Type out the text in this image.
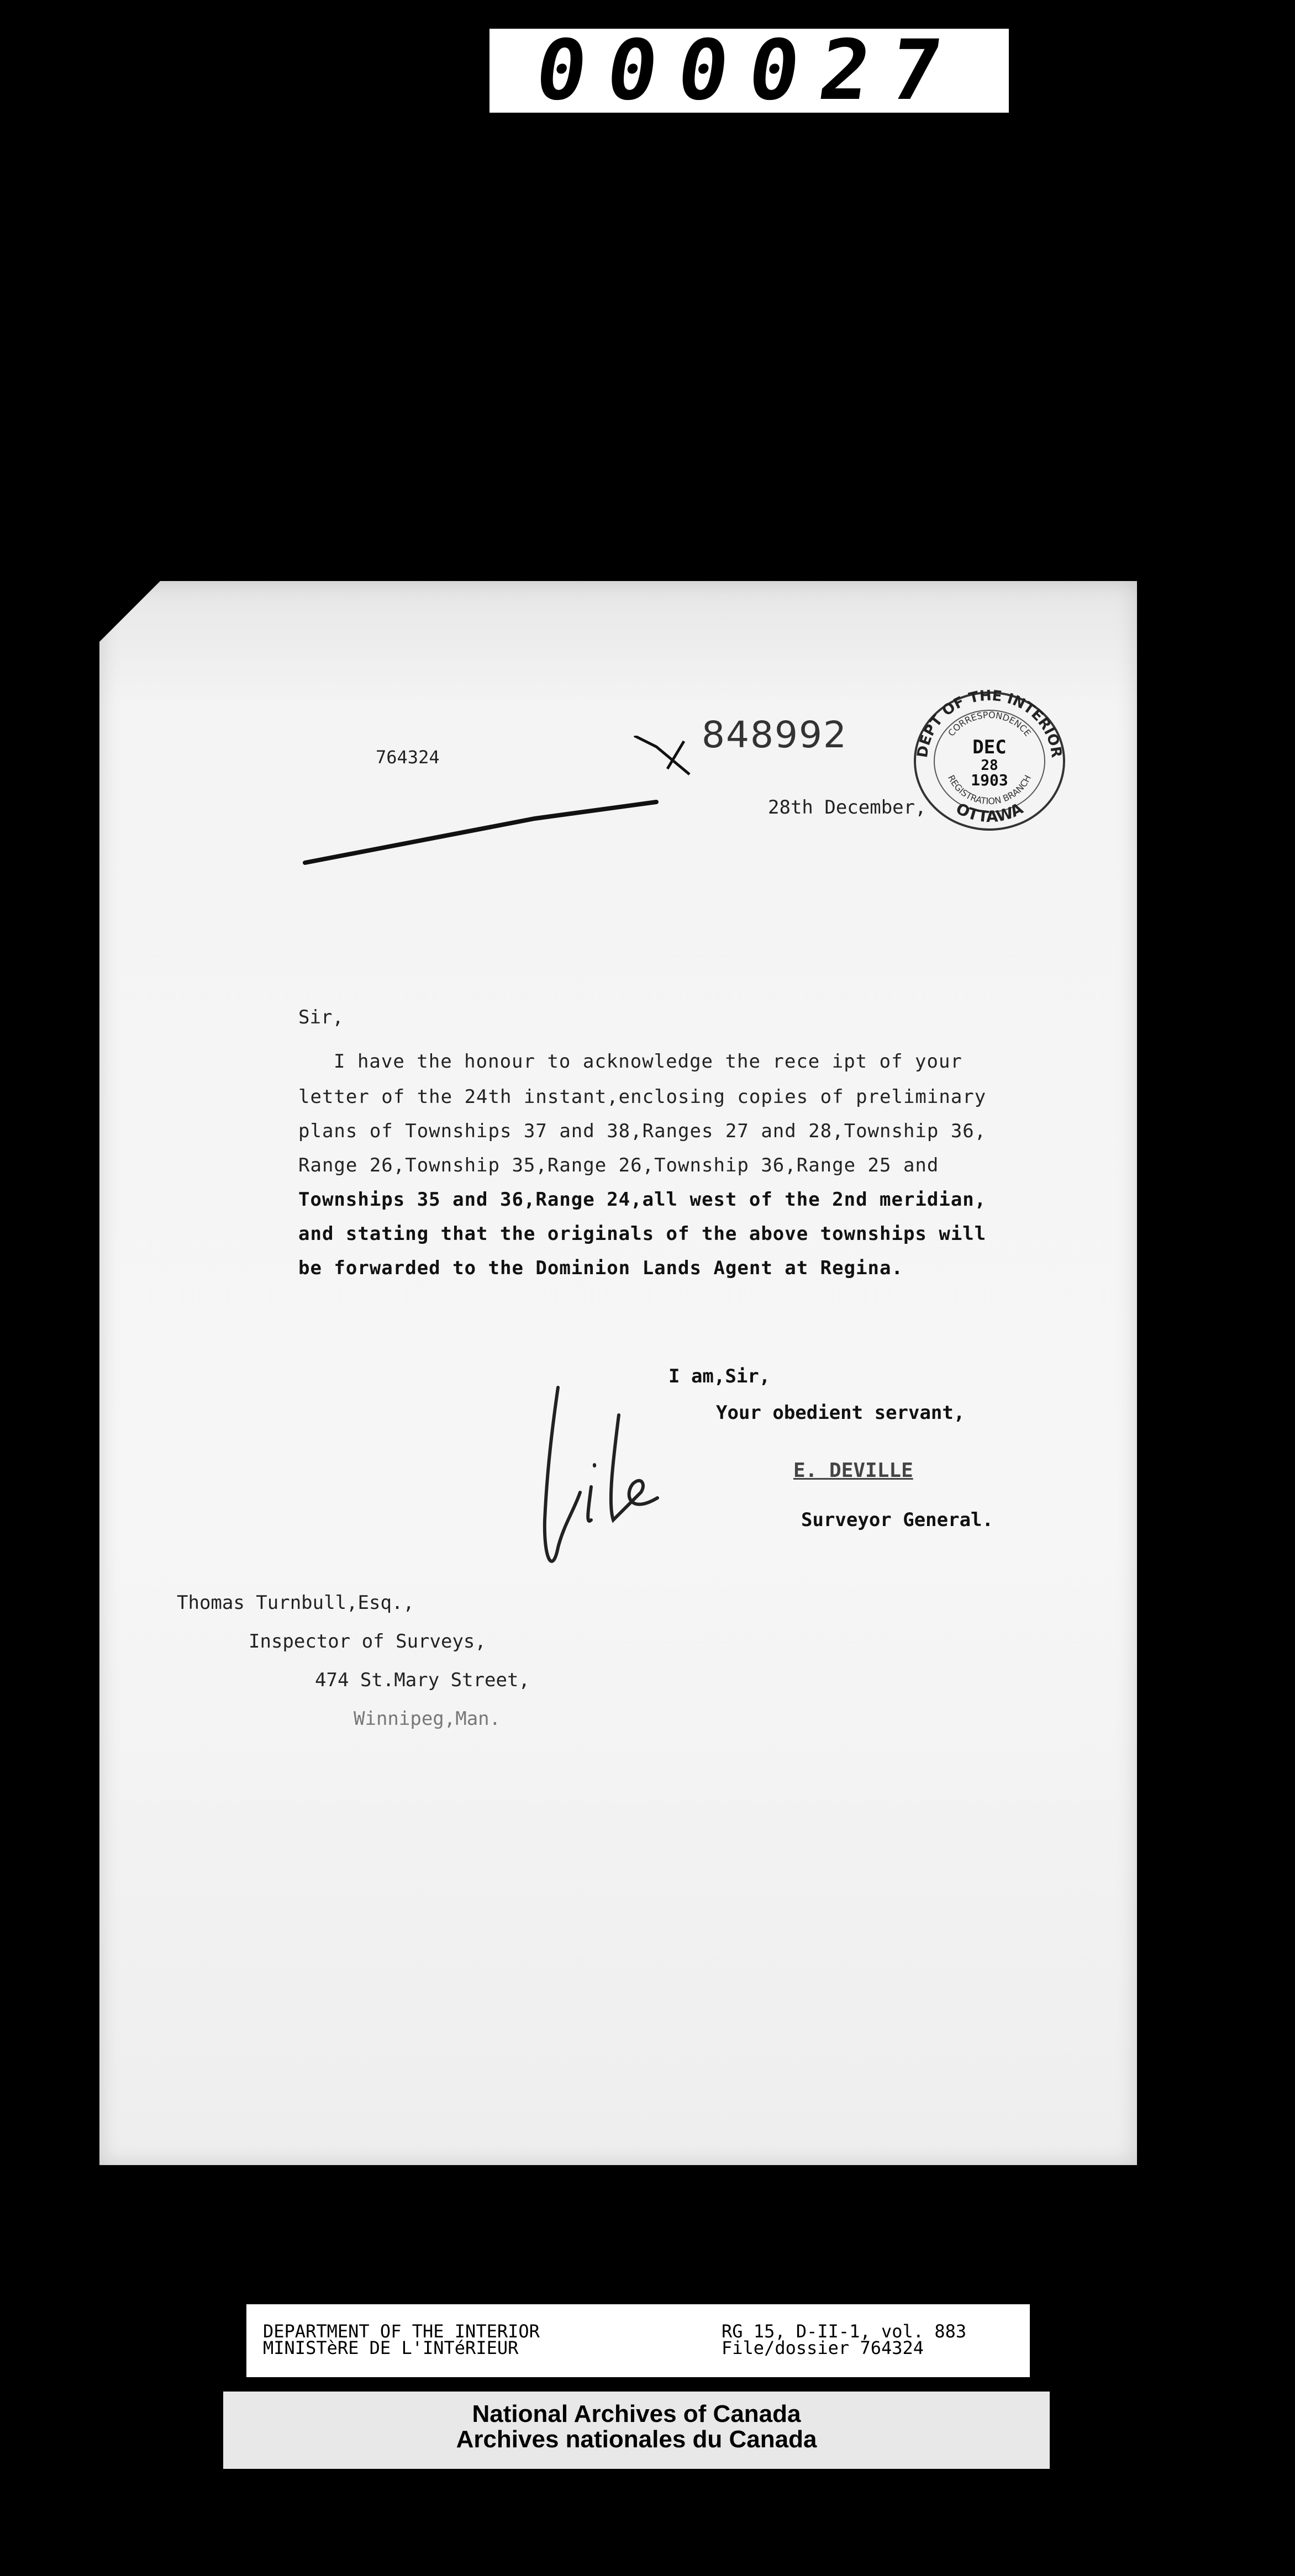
000027
764324
848992	DEPT OF THE INTERIOR
CORRESPONDENCE
REGISTRATION BRANCH
OTTAWA
DEC
28
1903
28th December,
Sir,
I have the honour to acknowledge the rece ipt of your
letter of the 24th instant,enclosing copies of preliminary
plans of Townships 37 and 38,Ranges 27 and 28,Township 36,
Range 26,Township 35,Range 26,Township 36,Range 25 and
Townships 35 and 36,Range 24,all west of the 2nd meridian,
and stating that the originals of the above townships will
be forwarded to the Dominion Lands Agent at Regina.
I am,Sir,
Your obedient servant,
E. DEVILLE
Surveyor General.
Thomas Turnbull,Esq.,
Inspector of Surveys,
474 St.Mary Street,
Winnipeg,Man.
DEPARTMENT OF THE INTERIOR
MINISTèRE DE L'INTéRIEUR
RG 15, D-II-1, vol. 883
File/dossier 764324
National Archives of Canada
Archives nationales du Canada
